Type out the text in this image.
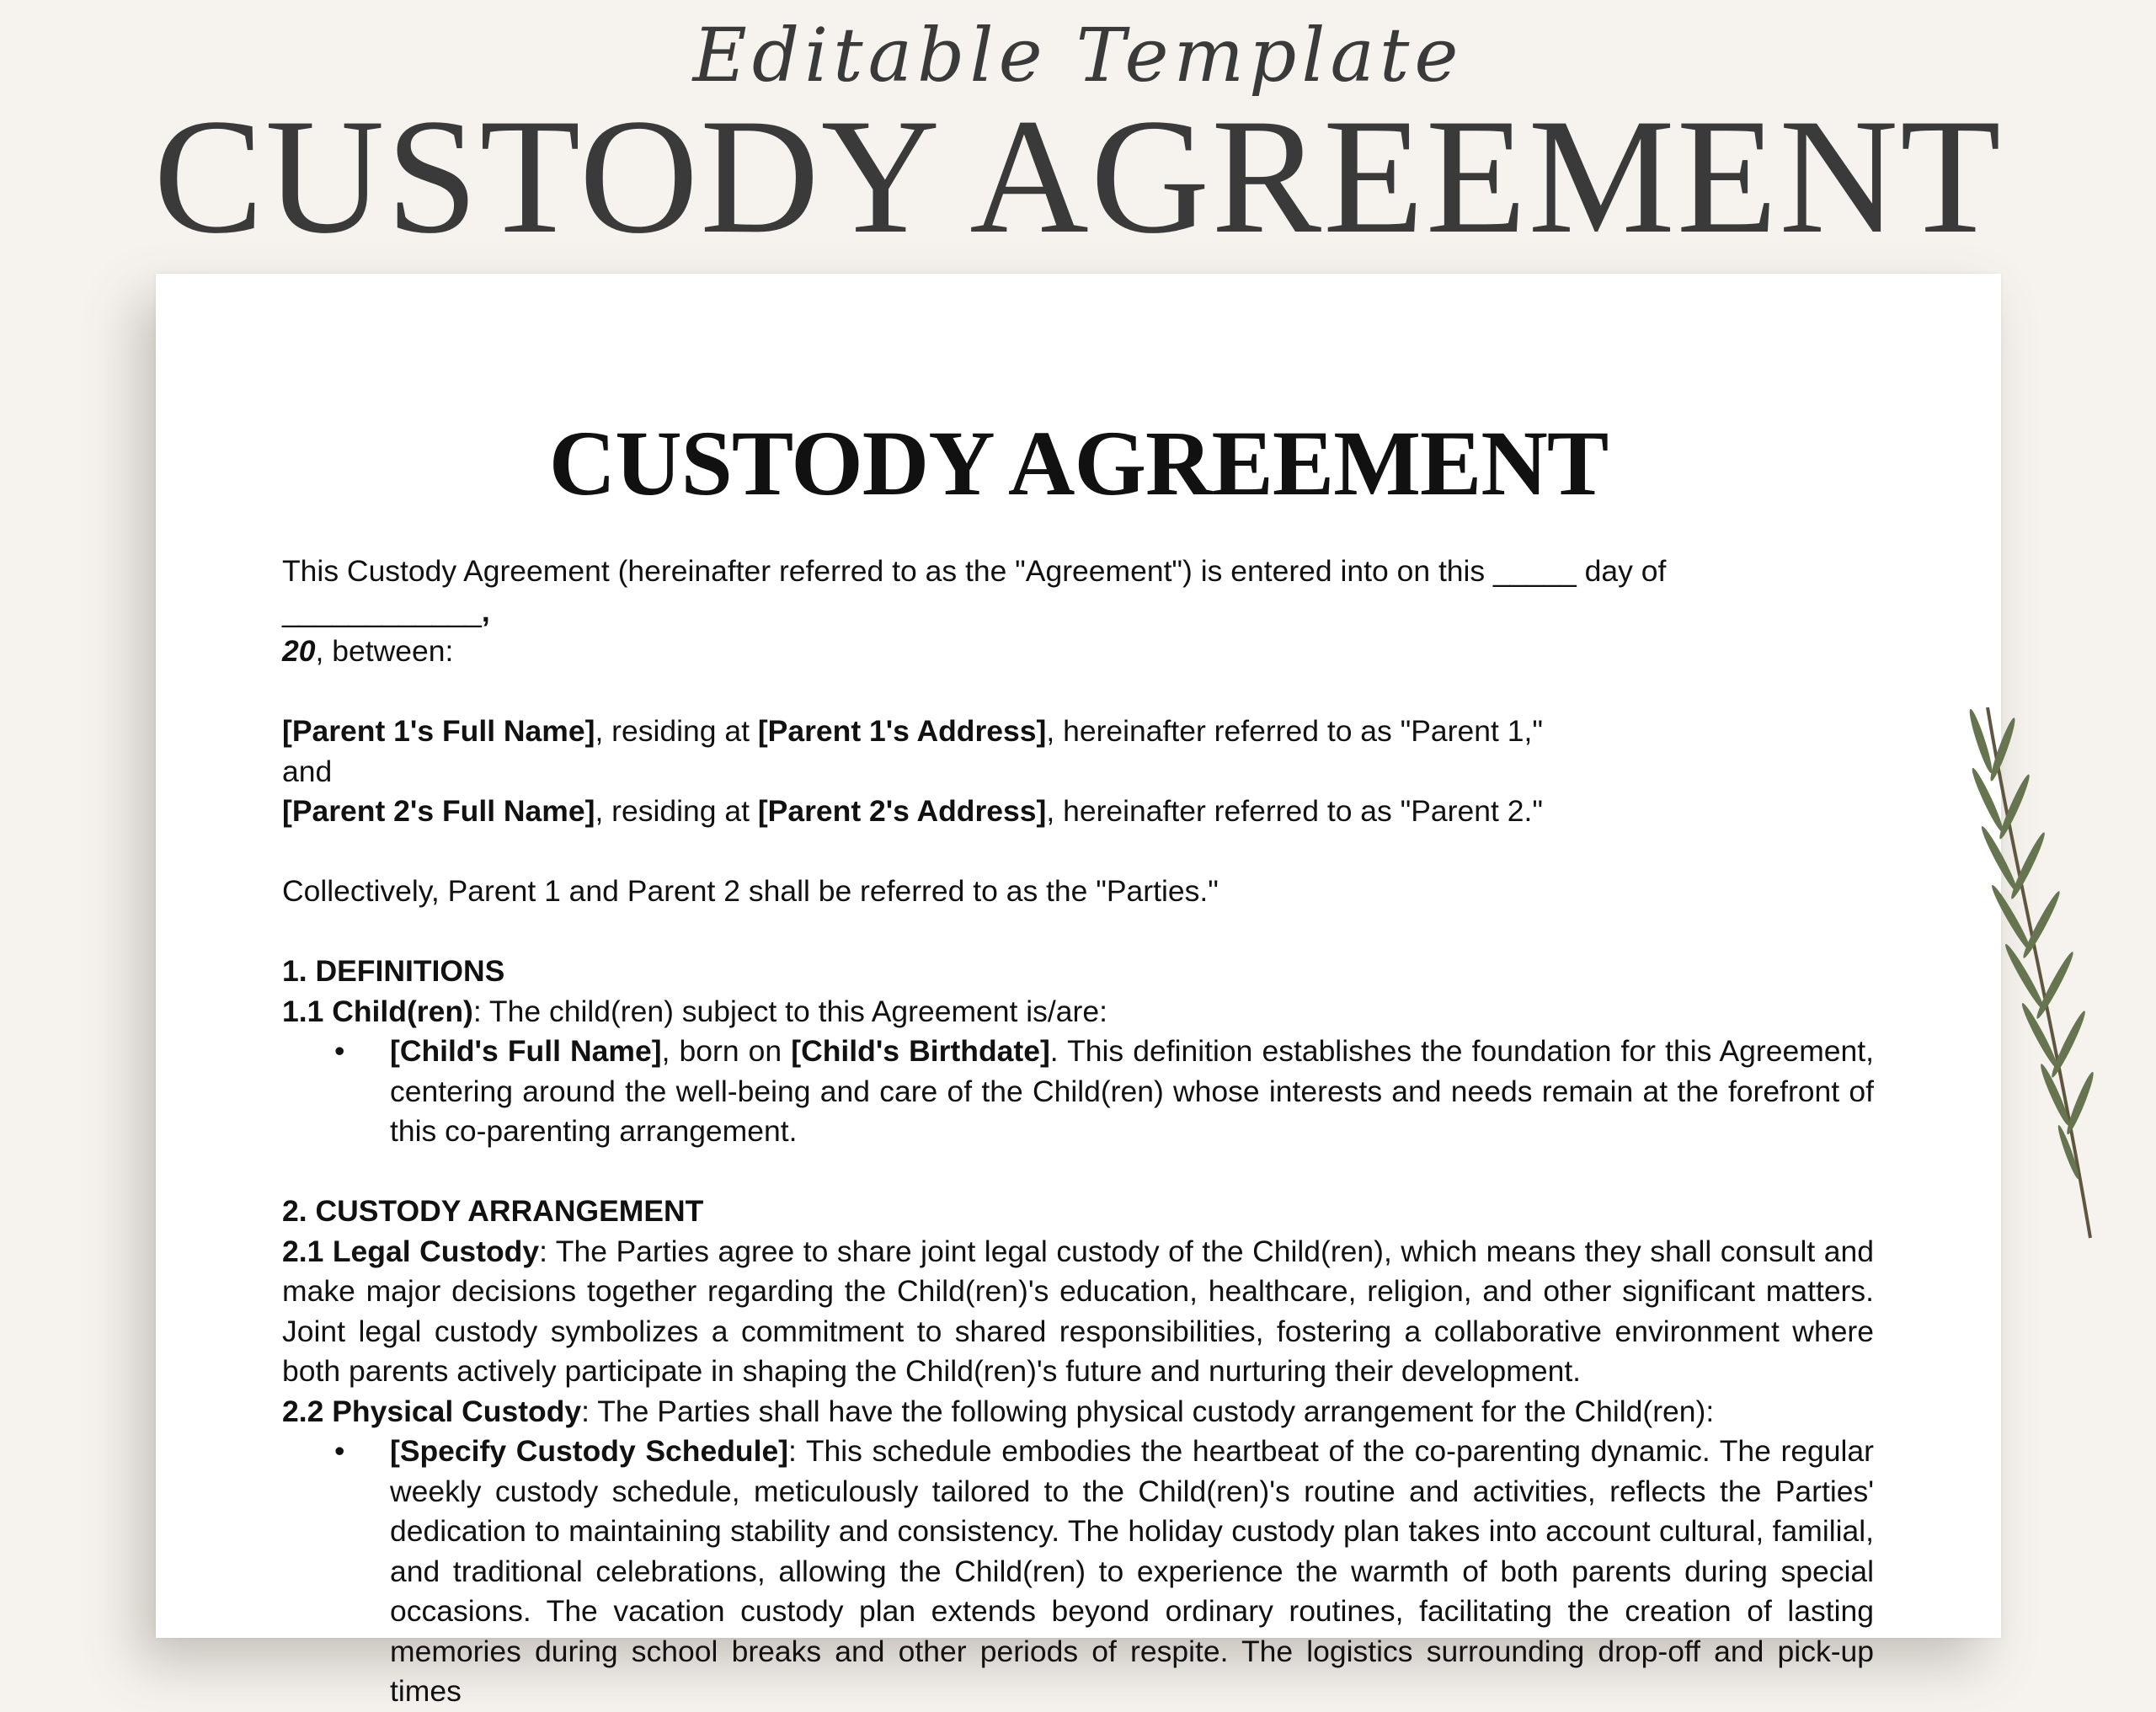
Editable Template
CUSTODY AGREEMENT
CUSTODY AGREEMENT

This Custody Agreement (hereinafter referred to as the "Agreement") is entered into on this _____ day of ____________,
20, between:

[Parent 1's Full Name], residing at [Parent 1's Address], hereinafter referred to as "Parent 1,"

and

[Parent 2's Full Name], residing at [Parent 2's Address], hereinafter referred to as "Parent 2."

Collectively, Parent 1 and Parent 2 shall be referred to as the "Parties."

1. DEFINITIONS

1.1 Child(ren): The child(ren) subject to this Agreement is/are:

• [Child's Full Name], born on [Child's Birthdate]. This definition establishes the foundation for this Agreement, centering around the well-being and care of the Child(ren) whose interests and needs remain at the forefront of this co-parenting arrangement.

2. CUSTODY ARRANGEMENT

2.1 Legal Custody: The Parties agree to share joint legal custody of the Child(ren), which means they shall consult and make major decisions together regarding the Child(ren)'s education, healthcare, religion, and other significant matters. Joint legal custody symbolizes a commitment to shared responsibilities, fostering a collaborative environment where both parents actively participate in shaping the Child(ren)'s future and nurturing their development.

2.2 Physical Custody: The Parties shall have the following physical custody arrangement for the Child(ren):

• [Specify Custody Schedule]: This schedule embodies the heartbeat of the co-parenting dynamic. The regular weekly custody schedule, meticulously tailored to the Child(ren)'s routine and activities, reflects the Parties' dedication to maintaining stability and consistency. The holiday custody plan takes into account cultural, familial, and traditional celebrations, allowing the Child(ren) to experience the warmth of both parents during special occasions. The vacation custody plan extends beyond ordinary routines, facilitating the creation of lasting memories during school breaks and other periods of respite. The logistics surrounding drop-off and pick-up times
